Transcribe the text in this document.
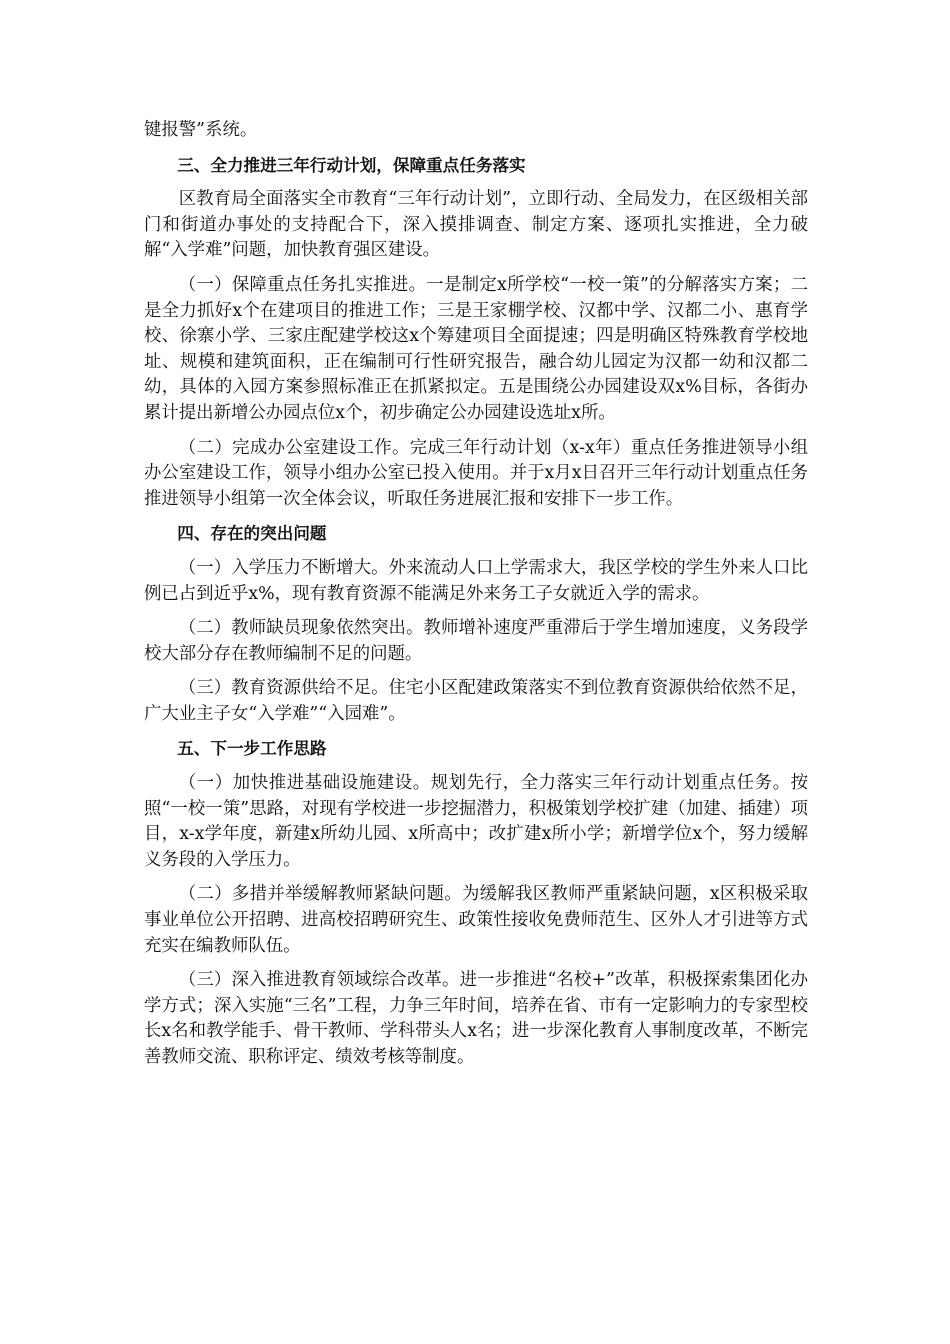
键报警”系统。

三、全力推进三年行动计划，保障重点任务落实

区教育局全面落实全市教育“三年行动计划”，立即行动、全局发力，在区级相关部门和街道办事处的支持配合下，深入摸排调查、制定方案、逐项扎实推进，全力破解“入学难”问题，加快教育强区建设。

（一）保障重点任务扎实推进。一是制定x所学校“一校一策”的分解落实方案；二是全力抓好x个在建项目的推进工作；三是王家棚学校、汉都中学、汉都二小、惠育学校、徐寨小学、三家庄配建学校这x个筹建项目全面提速；四是明确区特殊教育学校地址、规模和建筑面积，正在编制可行性研究报告，融合幼儿园定为汉都一幼和汉都二幼，具体的入园方案参照标准正在抓紧拟定。五是围绕公办园建设双x%目标，各街办累计提出新增公办园点位x个，初步确定公办园建设选址x所。

（二）完成办公室建设工作。完成三年行动计划（x-x年）重点任务推进领导小组办公室建设工作，领导小组办公室已投入使用。并于x月x日召开三年行动计划重点任务推进领导小组第一次全体会议，听取任务进展汇报和安排下一步工作。

四、存在的突出问题

（一）入学压力不断增大。外来流动人口上学需求大，我区学校的学生外来人口比例已占到近乎x%，现有教育资源不能满足外来务工子女就近入学的需求。

（二）教师缺员现象依然突出。教师增补速度严重滞后于学生增加速度，义务段学校大部分存在教师编制不足的问题。

（三）教育资源供给不足。住宅小区配建政策落实不到位教育资源供给依然不足，广大业主子女“入学难”“入园难”。

五、下一步工作思路

（一）加快推进基础设施建设。规划先行，全力落实三年行动计划重点任务。按照“一校一策”思路，对现有学校进一步挖掘潜力，积极策划学校扩建（加建、插建）项目，x-x学年度，新建x所幼儿园、x所高中；改扩建x所小学；新增学位x个，努力缓解义务段的入学压力。

（二）多措并举缓解教师紧缺问题。为缓解我区教师严重紧缺问题，x区积极采取事业单位公开招聘、进高校招聘研究生、政策性接收免费师范生、区外人才引进等方式充实在编教师队伍。

（三）深入推进教育领域综合改革。进一步推进“名校+”改革，积极探索集团化办学方式；深入实施“三名”工程，力争三年时间，培养在省、市有一定影响力的专家型校长x名和教学能手、骨干教师、学科带头人x名；进一步深化教育人事制度改革，不断完善教师交流、职称评定、绩效考核等制度。
